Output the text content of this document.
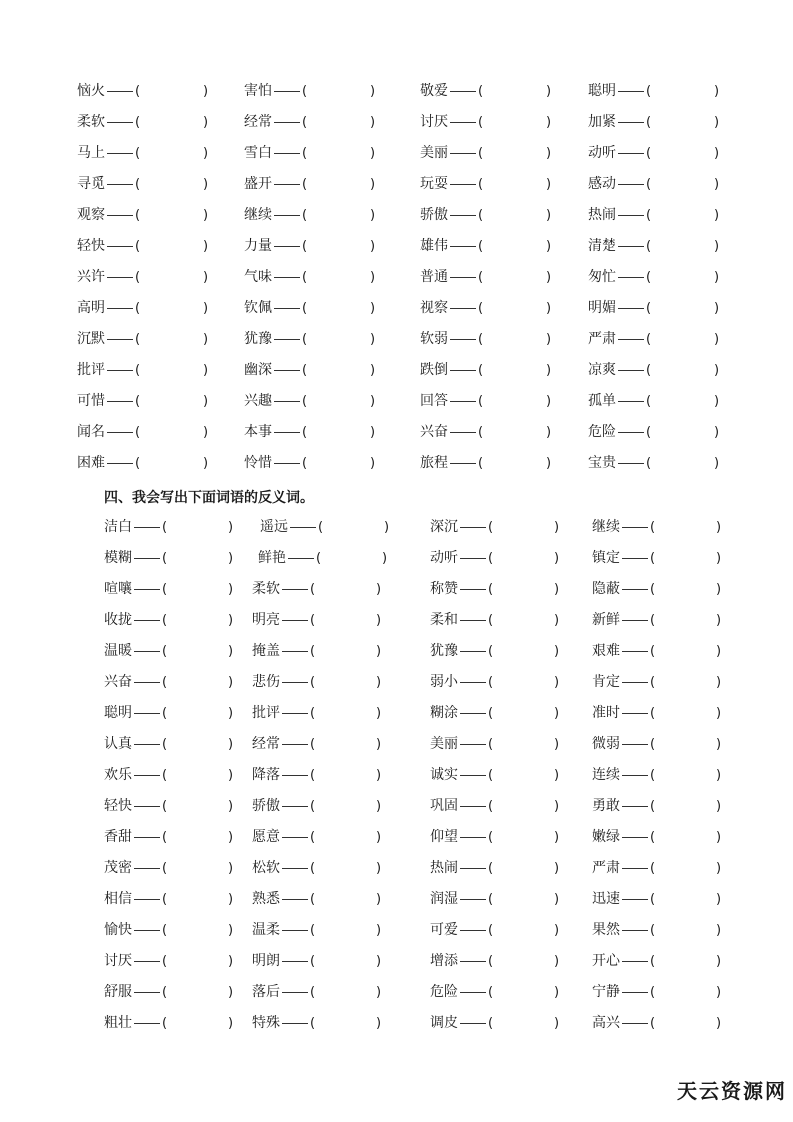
恼火 (	)	害怕 (	)	敬爱 (	)	聪明 (	)
柔软 (	)	经常 (	)	讨厌 (	)	加紧 (	)
马上 (	)	雪白 (	)	美丽 (	)	动听 (	)
寻觅 (	)	盛开 (	)	玩耍 (	)	感动 (	)
观察 (	)	继续 (	)	骄傲 (	)	热闹 (	)
轻快 (	)	力量 (	)	雄伟 (	)	清楚 (	)
兴许 (	)	气味 (	)	普通 (	)	匆忙 (	)
高明 (	)	钦佩 (	)	视察 (	)	明媚 (	)
沉默 (	)	犹豫 (	)	软弱 (	)	严肃 (	)
批评 (	)	幽深 (	)	跌倒 (	)	凉爽 (	)
可惜 (	)	兴趣 (	)	回答 (	)	孤单 (	)
闻名 (	)	本事 (	)	兴奋 (	)	危险 (	)
困难 (	)	怜惜 (	)	旅程 (	)	宝贵 (	)
四、我会写出下面词语的反义词。
洁白 (	) 遥远 (	)	深沉 (	) 继续 (	)
模糊 (	) 鲜艳 (	)	动听 (	) 镇定 (	)
喧嚷 (	) 柔软 (	)	称赞 (	) 隐蔽 (	)
收拢 (	) 明亮 (	)	柔和 (	) 新鲜 (	)
温暖 (	) 掩盖 (	)	犹豫 (	) 艰难 (	)
兴奋 (	) 悲伤 (	)	弱小 (	) 肯定 (	)
聪明 (	) 批评 (	)	糊涂 (	) 准时 (	)
认真 (	) 经常 (	)	美丽 (	) 微弱 (	)
欢乐 (	) 降落 (	)	诚实 (	) 连续 (	)
轻快 (	) 骄傲 (	)	巩固 (	) 勇敢 (	)
香甜 (	) 愿意 (	)	仰望 (	) 嫩绿 (	)
茂密 (	) 松软 (	)	热闹 (	) 严肃 (	)
相信 (	) 熟悉 (	)	润湿 (	) 迅速 (	)
愉快 (	) 温柔 (	)	可爱 (	) 果然 (	)
讨厌 (	) 明朗 (	)	增添 (	) 开心 (	)
舒服 (	) 落后 (	)	危险 (	) 宁静 (	)
粗壮 (	) 特殊 (	)	调皮 (	) 高兴 (	)
天云资源网
